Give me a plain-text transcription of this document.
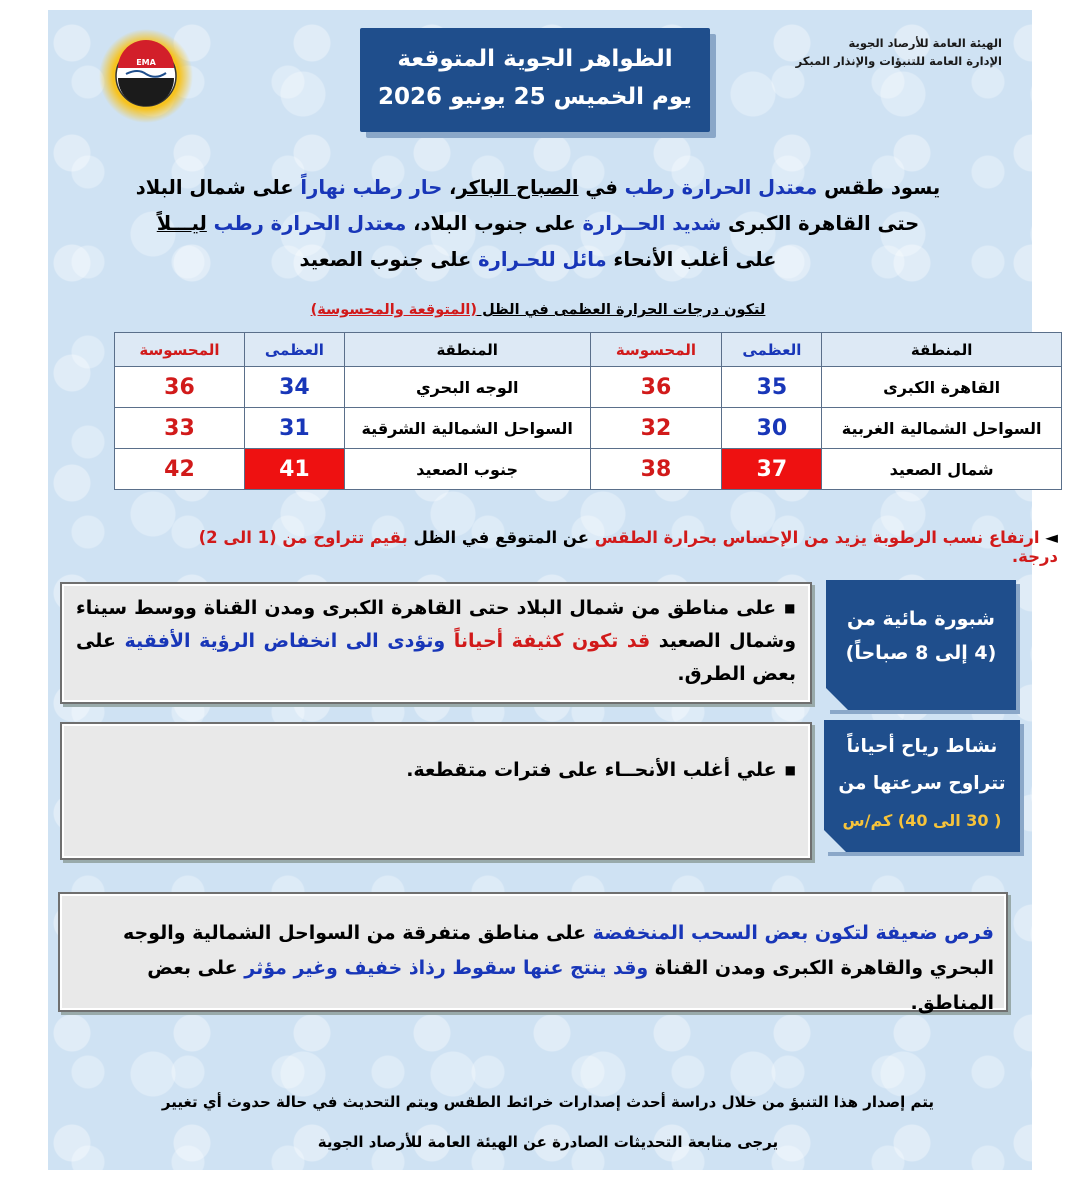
الهيئة العامة للأرصاد الجوية
الإدارة العامة للتنبؤات والإنذار المبكر
الظواهر الجوية المتوقعة
يوم الخميس 25 يونيو 2026
EMA
يسود طقس معتدل الحرارة رطب في الصباح الباكر، حار رطب نهاراً على شمال البلاد
حتى القاهرة الكبرى شديد الحــرارة على جنوب البلاد، معتدل الحرارة رطب ليـــلاً
على أغلب الأنحاء مائل للحـرارة على جنوب الصعيد
لتكون درجات الحرارة العظمى في الظل (المتوقعة والمحسوسة)
المنطقة	العظمى	المحسوسة	المنطقة	العظمى	المحسوسة
القاهرة الكبرى	35	36	الوجه البحري	34	36
السواحل الشمالية الغربية	30	32	السواحل الشمالية الشرقية	31	33
شمال الصعيد	37	38	جنوب الصعيد	41	42
◄ ارتفاع نسب الرطوبة يزيد من الإحساس بحرارة الطقس عن المتوقع في الظل بقيم تتراوح من (1 الى 2) درجة.
شبورة مائية من
(4 إلى 8 صباحاً)
■على مناطق من شمال البلاد حتى القاهرة الكبرى ومدن القناة ووسط سيناء وشمال الصعيد قد تكون كثيفة أحياناً وتؤدى الى انخفاض الرؤية الأفقية على بعض الطرق.
نشاط رياح أحياناً
تتراوح سرعتها من
( 30 الى 40) كم/س
■علي أغلب الأنحــاء على فترات متقطعة.
فرص ضعيفة لتكون بعض السحب المنخفضة على مناطق متفرقة من السواحل الشمالية والوجه البحري والقاهرة الكبرى ومدن القناة وقد ينتج عنها سقوط رذاذ خفيف وغير مؤثر على بعض المناطق.
يتم إصدار هذا التنبؤ من خلال دراسة أحدث إصدارات خرائط الطقس ويتم التحديث في حالة حدوث أي تغيير
يرجى متابعة التحديثات الصادرة عن الهيئة العامة للأرصاد الجوية
